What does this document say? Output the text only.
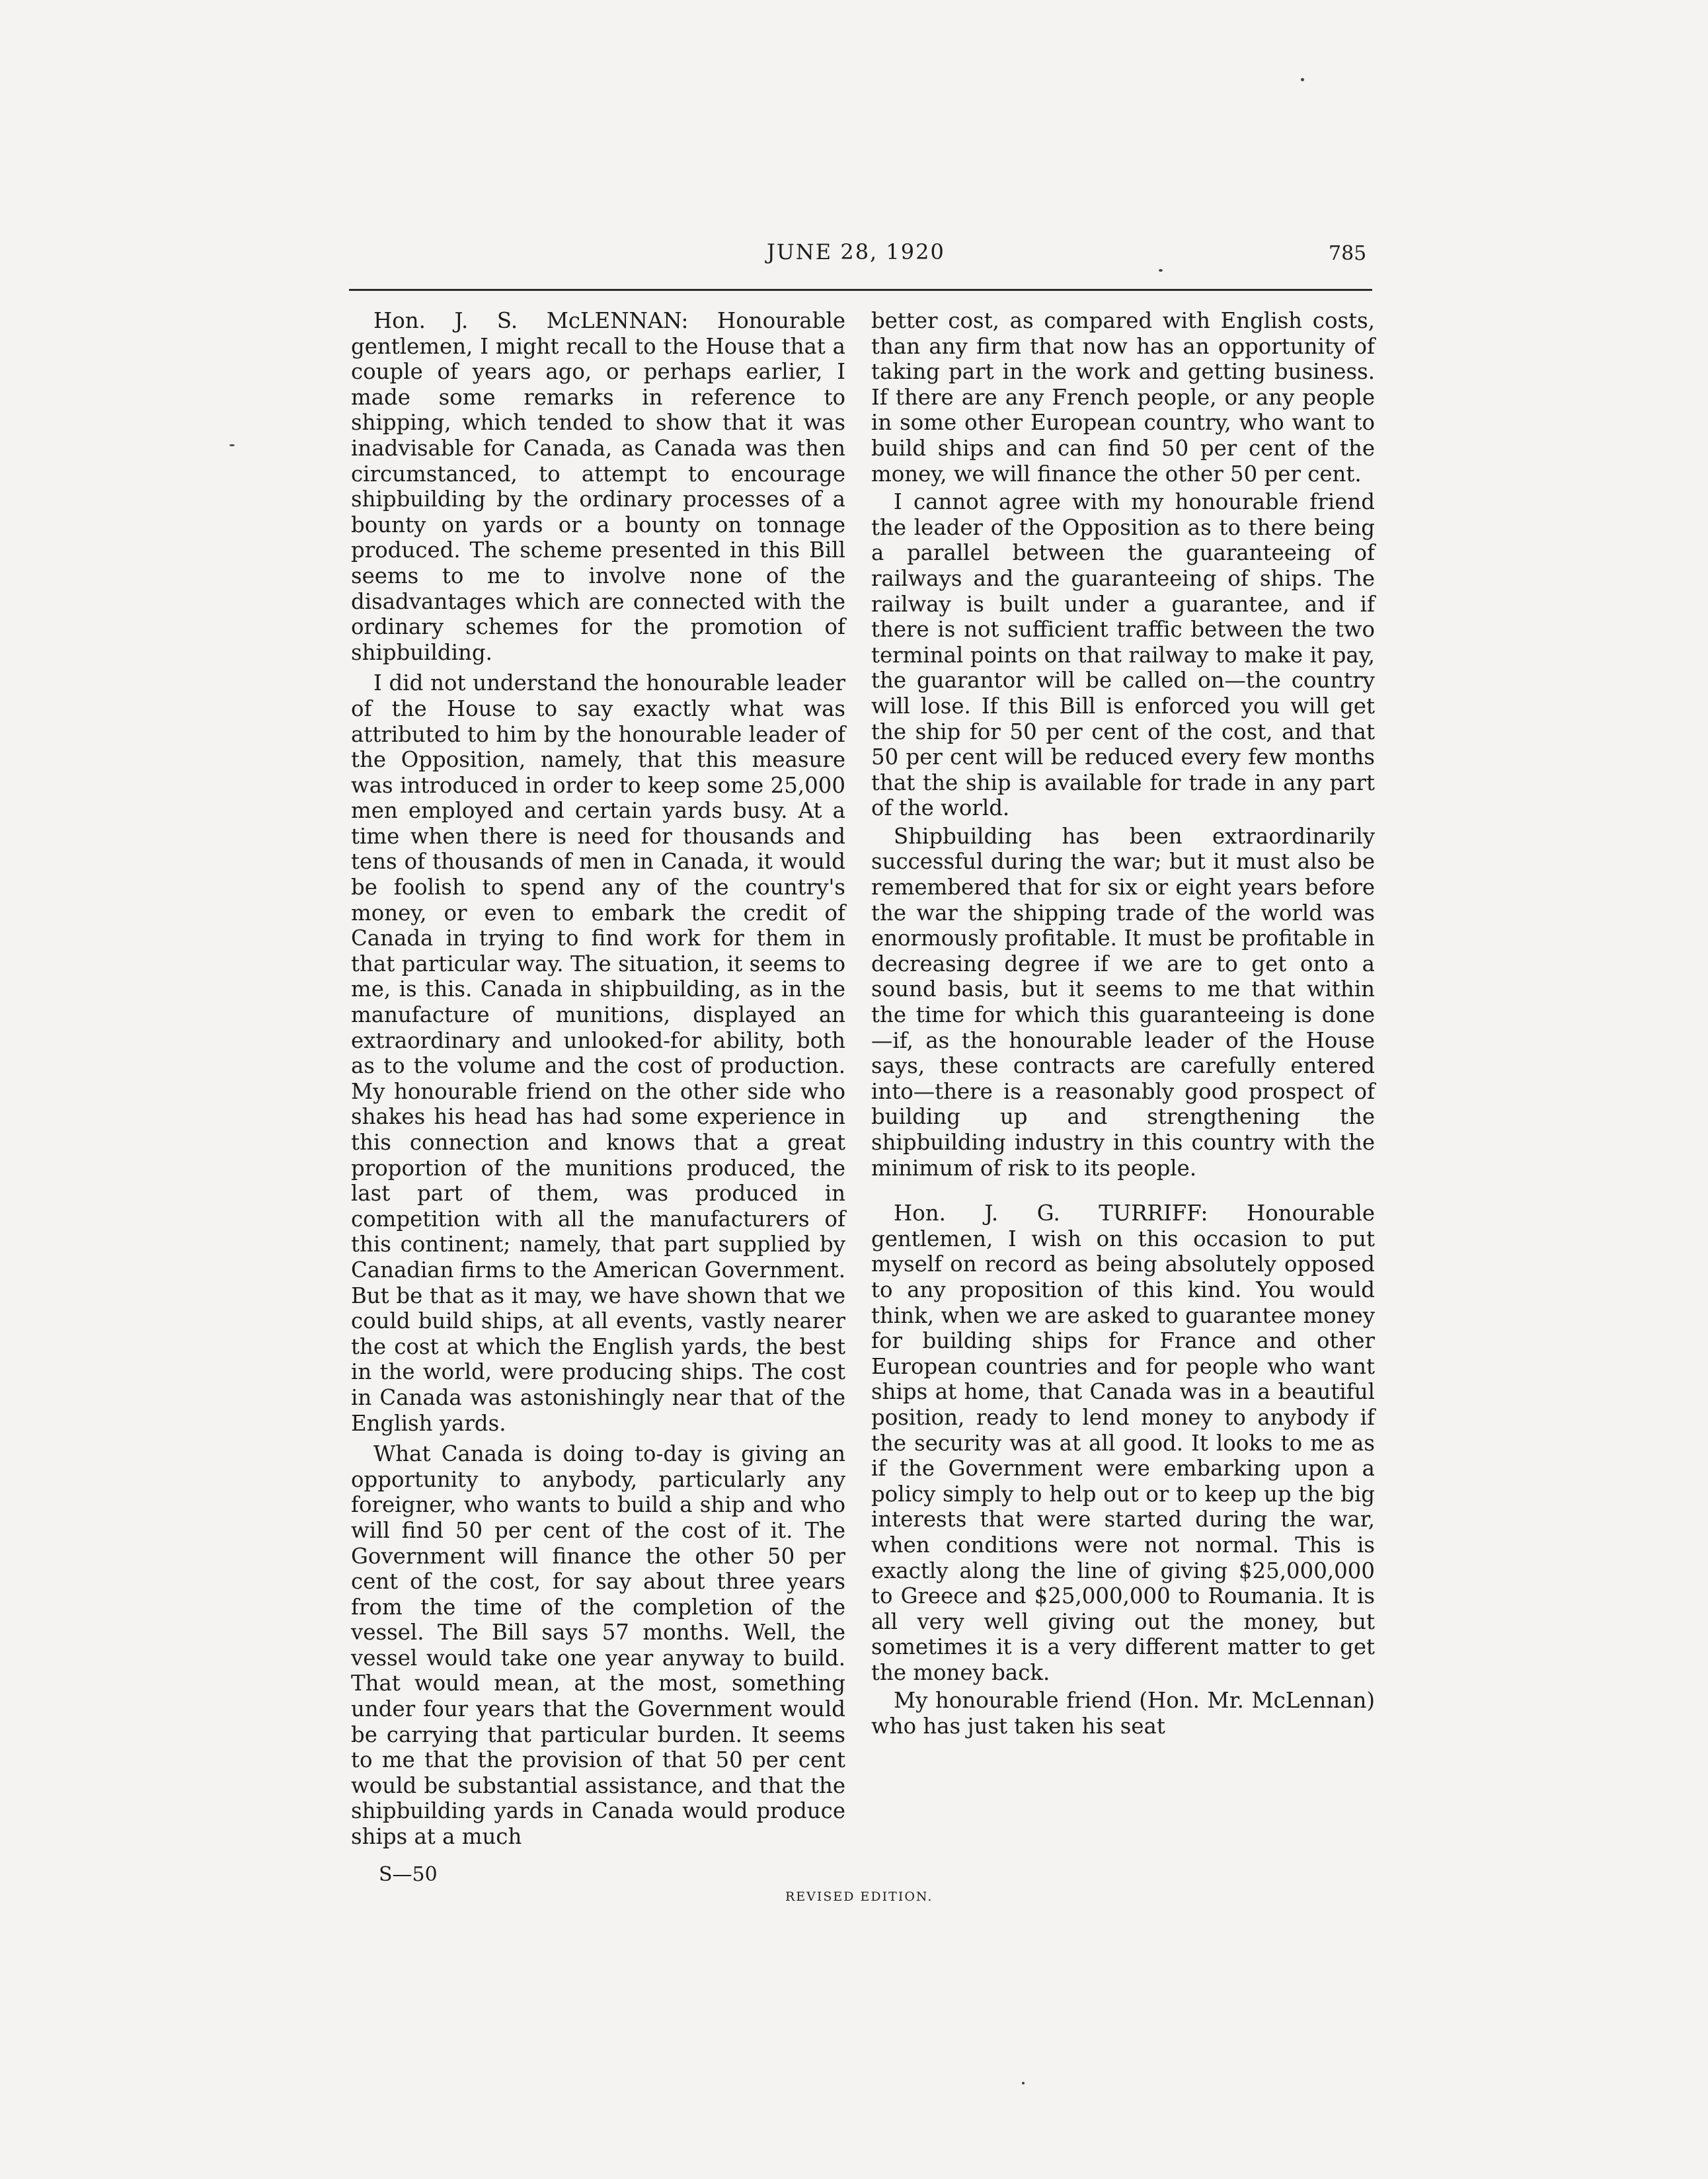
JUNE 28, 1920	785

Hon. J. S. McLENNAN: Honourable gentlemen, I might recall to the House that a couple of years ago, or perhaps earlier, I made some remarks in reference to shipping, which tended to show that it was inadvisable for Canada, as Canada was then circumstanced, to attempt to encourage shipbuilding by the ordinary processes of a bounty on yards or a bounty on tonnage produced. The scheme presented in this Bill seems to me to involve none of the disadvantages which are connected with the ordinary schemes for the promotion of shipbuilding.

I did not understand the honourable leader of the House to say exactly what was attributed to him by the honourable leader of the Opposition, namely, that this measure was introduced in order to keep some 25,000 men employed and certain yards busy. At a time when there is need for thousands and tens of thousands of men in Canada, it would be foolish to spend any of the country's money, or even to embark the credit of Canada in trying to find work for them in that particular way. The situation, it seems to me, is this. Canada in shipbuilding, as in the manufacture of munitions, displayed an extraordinary and unlooked-for ability, both as to the volume and the cost of production. My honourable friend on the other side who shakes his head has had some experience in this connection and knows that a great proportion of the munitions produced, the last part of them, was produced in competition with all the manufacturers of this continent; namely, that part supplied by Canadian firms to the American Government. But be that as it may, we have shown that we could build ships, at all events, vastly nearer the cost at which the English yards, the best in the world, were producing ships. The cost in Canada was astonishingly near that of the English yards.

What Canada is doing to-day is giving an opportunity to anybody, particularly any foreigner, who wants to build a ship and who will find 50 per cent of the cost of it. The Government will finance the other 50 per cent of the cost, for say about three years from the time of the completion of the vessel. The Bill says 57 months. Well, the vessel would take one year anyway to build. That would mean, at the most, something under four years that the Government would be carrying that particular burden. It seems to me that the provision of that 50 per cent would be substantial assistance, and that the shipbuilding yards in Canada would produce ships at a much

better cost, as compared with English costs, than any firm that now has an opportunity of taking part in the work and getting business. If there are any French people, or any people in some other European country, who want to build ships and can find 50 per cent of the money, we will finance the other 50 per cent.

I cannot agree with my honourable friend the leader of the Opposition as to there being a parallel between the guaranteeing of railways and the guaranteeing of ships. The railway is built under a guarantee, and if there is not sufficient traffic between the two terminal points on that railway to make it pay, the guarantor will be called on—the country will lose. If this Bill is enforced you will get the ship for 50 per cent of the cost, and that 50 per cent will be reduced every few months that the ship is available for trade in any part of the world.

Shipbuilding has been extraordinarily successful during the war; but it must also be remembered that for six or eight years before the war the shipping trade of the world was enormously profitable. It must be profitable in decreasing degree if we are to get onto a sound basis, but it seems to me that within the time for which this guaranteeing is done—if, as the honourable leader of the House says, these contracts are carefully entered into—there is a reasonably good prospect of building up and strengthening the shipbuilding industry in this country with the minimum of risk to its people.

Hon. J. G. TURRIFF: Honourable gentlemen, I wish on this occasion to put myself on record as being absolutely opposed to any proposition of this kind. You would think, when we are asked to guarantee money for building ships for France and other European countries and for people who want ships at home, that Canada was in a beautiful position, ready to lend money to anybody if the security was at all good. It looks to me as if the Government were embarking upon a policy simply to help out or to keep up the big interests that were started during the war, when conditions were not normal. This is exactly along the line of giving $25,000,000 to Greece and $25,000,000 to Roumania. It is all very well giving out the money, but sometimes it is a very different matter to get the money back.

My honourable friend (Hon. Mr. McLennan) who has just taken his seat

S—50
REVISED EDITION.
